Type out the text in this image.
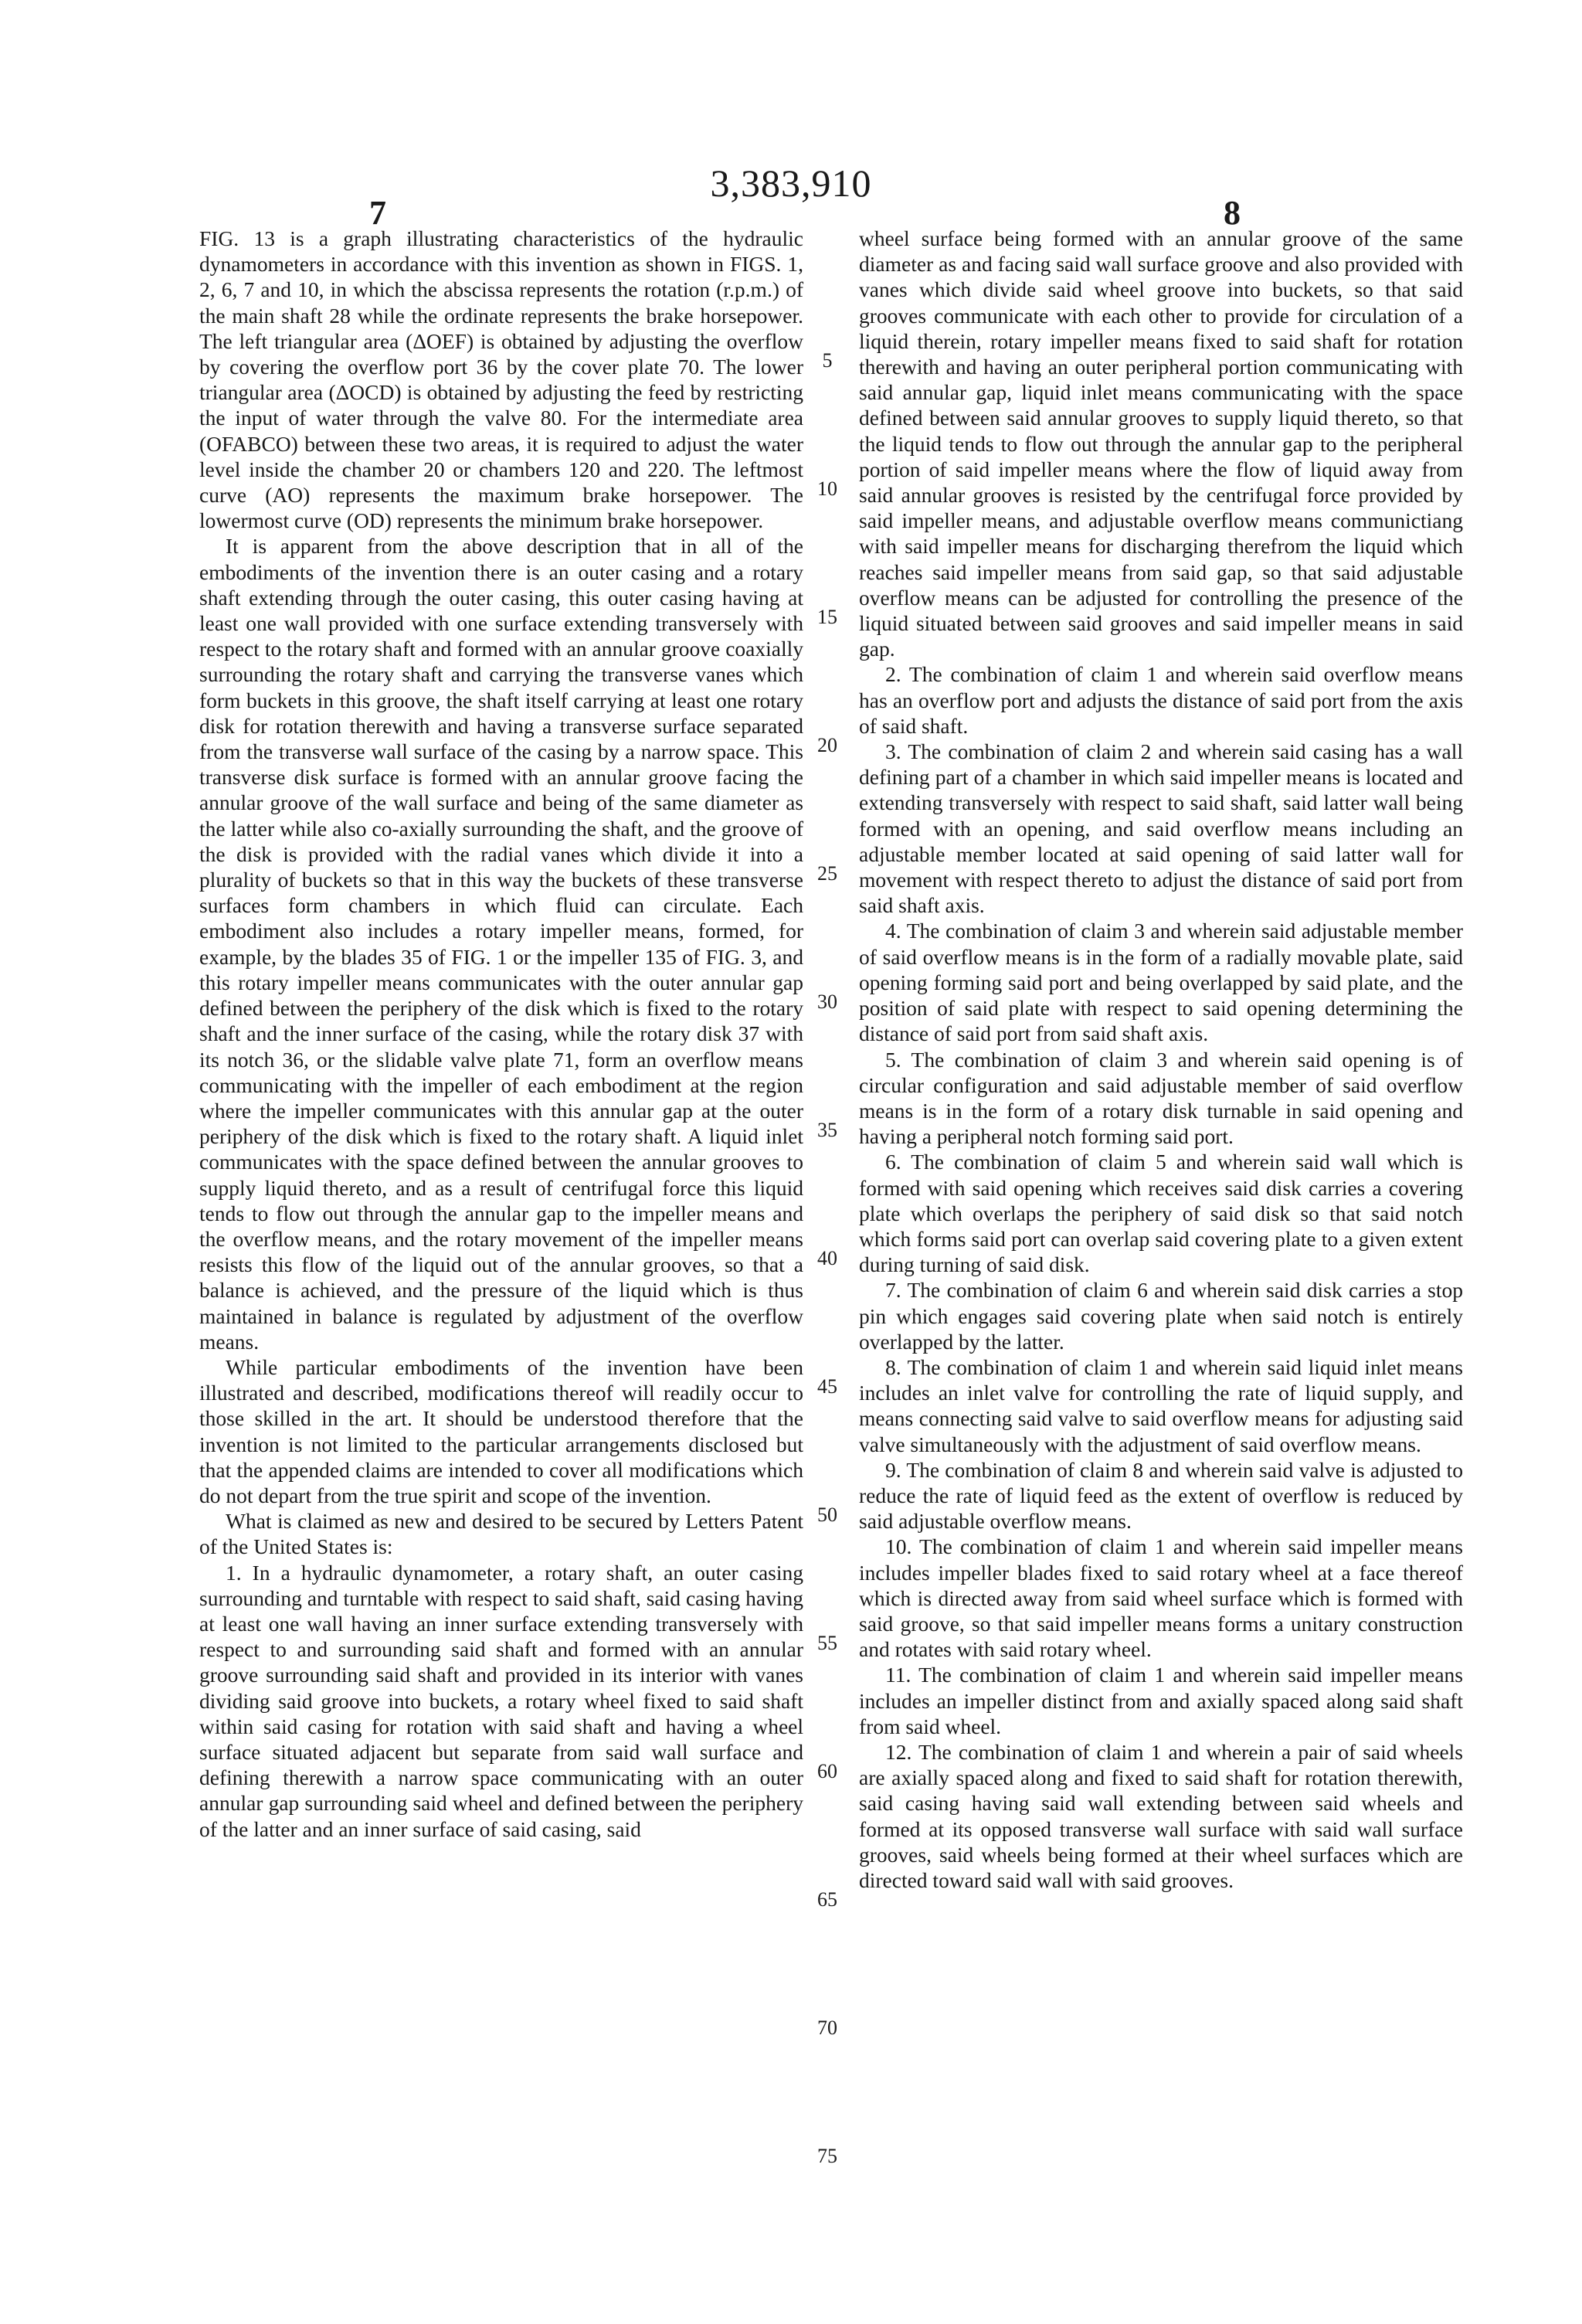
3,383,910
7	8

FIG. 13 is a graph illustrating characteristics of the hydraulic dynamometers in accordance with this invention as shown in FIGS. 1, 2, 6, 7 and 10, in which the abscissa represents the rotation (r.p.m.) of the main shaft 28 while the ordinate represents the brake horsepower. The left triangular area (ΔOEF) is obtained by adjusting the overflow by covering the overflow port 36 by the cover plate 70. The lower triangular area (ΔOCD) is obtained by adjusting the feed by restricting the input of water through the valve 80. For the intermediate area (OFABCO) between these two areas, it is required to adjust the water level inside the chamber 20 or chambers 120 and 220. The leftmost curve (AO) represents the maximum brake horsepower. The lowermost curve (OD) represents the minimum brake horsepower.

It is apparent from the above description that in all of the embodiments of the invention there is an outer casing and a rotary shaft extending through the outer casing, this outer casing having at least one wall provided with one surface extending transversely with respect to the rotary shaft and formed with an annular groove coaxially surrounding the rotary shaft and carrying the transverse vanes which form buckets in this groove, the shaft itself carrying at least one rotary disk for rotation therewith and having a transverse surface separated from the transverse wall surface of the casing by a narrow space. This transverse disk surface is formed with an annular groove facing the annular groove of the wall surface and being of the same diameter as the latter while also co-axially surrounding the shaft, and the groove of the disk is provided with the radial vanes which divide it into a plurality of buckets so that in this way the buckets of these transverse surfaces form chambers in which fluid can circulate. Each embodiment also includes a rotary impeller means, formed, for example, by the blades 35 of FIG. 1 or the impeller 135 of FIG. 3, and this rotary impeller means communicates with the outer annular gap defined between the periphery of the disk which is fixed to the rotary shaft and the inner surface of the casing, while the rotary disk 37 with its notch 36, or the slidable valve plate 71, form an overflow means communicating with the impeller of each embodiment at the region where the impeller communicates with this annular gap at the outer periphery of the disk which is fixed to the rotary shaft. A liquid inlet communicates with the space defined between the annular grooves to supply liquid thereto, and as a result of centrifugal force this liquid tends to flow out through the annular gap to the impeller means and the overflow means, and the rotary movement of the impeller means resists this flow of the liquid out of the annular grooves, so that a balance is achieved, and the pressure of the liquid which is thus maintained in balance is regulated by adjustment of the overflow means.

While particular embodiments of the invention have been illustrated and described, modifications thereof will readily occur to those skilled in the art. It should be understood therefore that the invention is not limited to the particular arrangements disclosed but that the appended claims are intended to cover all modifications which do not depart from the true spirit and scope of the invention.

What is claimed as new and desired to be secured by Letters Patent of the United States is:

1. In a hydraulic dynamometer, a rotary shaft, an outer casing surrounding and turntable with respect to said shaft, said casing having at least one wall having an inner surface extending transversely with respect to and surrounding said shaft and formed with an annular groove surrounding said shaft and provided in its interior with vanes dividing said groove into buckets, a rotary wheel fixed to said shaft within said casing for rotation with said shaft and having a wheel surface situated adjacent but separate from said wall surface and defining therewith a narrow space communicating with an outer annular gap surrounding said wheel and defined between the periphery of the latter and an inner surface of said casing, said

5
10
15
20
25
30
35
40
45
50
55
60
65
70
75

wheel surface being formed with an annular groove of the same diameter as and facing said wall surface groove and also provided with vanes which divide said wheel groove into buckets, so that said grooves communicate with each other to provide for circulation of a liquid therein, rotary impeller means fixed to said shaft for rotation therewith and having an outer peripheral portion communicating with said annular gap, liquid inlet means communicating with the space defined between said annular grooves to supply liquid thereto, so that the liquid tends to flow out through the annular gap to the peripheral portion of said impeller means where the flow of liquid away from said annular grooves is resisted by the centrifugal force provided by said impeller means, and adjustable overflow means communictiang with said impeller means for discharging therefrom the liquid which reaches said impeller means from said gap, so that said adjustable overflow means can be adjusted for controlling the presence of the liquid situated between said grooves and said impeller means in said gap.

2. The combination of claim 1 and wherein said overflow means has an overflow port and adjusts the distance of said port from the axis of said shaft.

3. The combination of claim 2 and wherein said casing has a wall defining part of a chamber in which said impeller means is located and extending transversely with respect to said shaft, said latter wall being formed with an opening, and said overflow means including an adjustable member located at said opening of said latter wall for movement with respect thereto to adjust the distance of said port from said shaft axis.

4. The combination of claim 3 and wherein said adjustable member of said overflow means is in the form of a radially movable plate, said opening forming said port and being overlapped by said plate, and the position of said plate with respect to said opening determining the distance of said port from said shaft axis.

5. The combination of claim 3 and wherein said opening is of circular configuration and said adjustable member of said overflow means is in the form of a rotary disk turnable in said opening and having a peripheral notch forming said port.

6. The combination of claim 5 and wherein said wall which is formed with said opening which receives said disk carries a covering plate which overlaps the periphery of said disk so that said notch which forms said port can overlap said covering plate to a given extent during turning of said disk.

7. The combination of claim 6 and wherein said disk carries a stop pin which engages said covering plate when said notch is entirely overlapped by the latter.

8. The combination of claim 1 and wherein said liquid inlet means includes an inlet valve for controlling the rate of liquid supply, and means connecting said valve to said overflow means for adjusting said valve simultaneously with the adjustment of said overflow means.

9. The combination of claim 8 and wherein said valve is adjusted to reduce the rate of liquid feed as the extent of overflow is reduced by said adjustable overflow means.

10. The combination of claim 1 and wherein said impeller means includes impeller blades fixed to said rotary wheel at a face thereof which is directed away from said wheel surface which is formed with said groove, so that said impeller means forms a unitary construction and rotates with said rotary wheel.

11. The combination of claim 1 and wherein said impeller means includes an impeller distinct from and axially spaced along said shaft from said wheel.

12. The combination of claim 1 and wherein a pair of said wheels are axially spaced along and fixed to said shaft for rotation therewith, said casing having said wall extending between said wheels and formed at its opposed transverse wall surface with said wall surface grooves, said wheels being formed at their wheel surfaces which are directed toward said wall with said grooves.
